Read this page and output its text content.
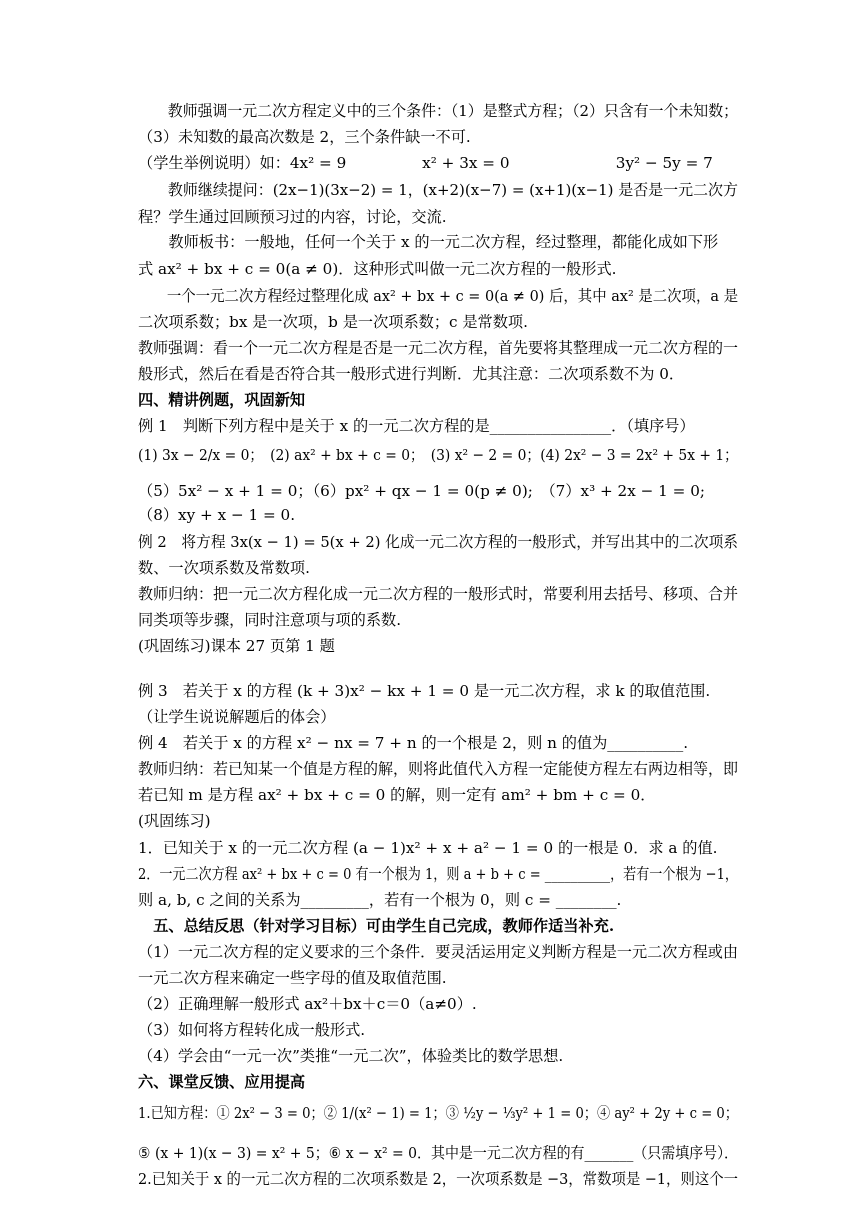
　　教师强调一元二次方程定义中的三个条件：（1）是整式方程；（2）只含有一个未知数；
（3）未知数的最高次数是 2，三个条件缺一不可.
（学生举例说明）如：4x² = 9　　　　　x² + 3x = 0　　　　　　　3y² − 5y = 7
　　教师继续提问：(2x−1)(3x−2) = 1，(x+2)(x−7) = (x+1)(x−1) 是否是一元二次方
程？学生通过回顾预习过的内容，讨论，交流.
　　教师板书：一般地，任何一个关于 x 的一元二次方程，经过整理，都能化成如下形
式 ax² + bx + c = 0(a ≠ 0)．这种形式叫做一元二次方程的一般形式.
　　一个一元二次方程经过整理化成 ax² + bx + c = 0(a ≠ 0) 后，其中 ax² 是二次项，a 是
二次项系数；bx 是一次项，b 是一次项系数；c 是常数项.
教师强调：看一个一元二次方程是否是一元二次方程，首先要将其整理成一元二次方程的一
般形式，然后在看是否符合其一般形式进行判断．尤其注意：二次项系数不为 0．
四、精讲例题，巩固新知
例 1　判断下列方程中是关于 x 的一元二次方程的是________________．（填序号）
(1) 3x − 2/x = 0；　(2) ax² + bx + c = 0；　(3) x² − 2 = 0；(4) 2x² − 3 = 2x² + 5x + 1；
（5）5x² − x + 1 = 0；（6）px² + qx − 1 = 0(p ≠ 0);　（7）x³ + 2x − 1 = 0;
（8）xy + x − 1 = 0.
例 2　将方程 3x(x − 1) = 5(x + 2) 化成一元二次方程的一般形式，并写出其中的二次项系
数、一次项系数及常数项.
教师归纳：把一元二次方程化成一元二次方程的一般形式时，常要利用去括号、移项、合并
同类项等步骤，同时注意项与项的系数.
(巩固练习)课本 27 页第 1 题
例 3　若关于 x 的方程 (k + 3)x² − kx + 1 = 0 是一元二次方程，求 k 的取值范围.
（让学生说说解题后的体会）
例 4　若关于 x 的方程 x² − nx = 7 + n 的一个根是 2，则 n 的值为__________.
教师归纳：若已知某一个值是方程的解，则将此值代入方程一定能使方程左右两边相等，即
若已知 m 是方程 ax² + bx + c = 0 的解，则一定有 am² + bm + c = 0．
(巩固练习)
1．已知关于 x 的一元二次方程 (a − 1)x² + x + a² − 1 = 0 的一根是 0．求 a 的值.
2．一元二次方程 ax² + bx + c = 0 有一个根为 1，则 a + b + c = __________，若有一个根为 −1，
则 a, b, c 之间的关系为_________，若有一个根为 0，则 c = ________.
　五、总结反思（针对学习目标）可由学生自己完成，教师作适当补充.
（1）一元二次方程的定义要求的三个条件．要灵活运用定义判断方程是一元二次方程或由
一元二次方程来确定一些字母的值及取值范围.
（2）正确理解一般形式 ax²＋bx＋c＝0（a≠0）.
（3）如何将方程转化成一般形式.
（4）学会由“一元一次”类推“一元二次”，体验类比的数学思想.
六、课堂反馈、应用提高
1.已知方程：① 2x² − 3 = 0；② 1/(x² − 1) = 1；③ ½y − ⅓y² + 1 = 0；④ ay² + 2y + c = 0；
⑤ (x + 1)(x − 3) = x² + 5；⑥ x − x² = 0．其中是一元二次方程的有_______（只需填序号）．
2.已知关于 x 的一元二次方程的二次项系数是 2，一次项系数是 −3，常数项是 −1，则这个一
